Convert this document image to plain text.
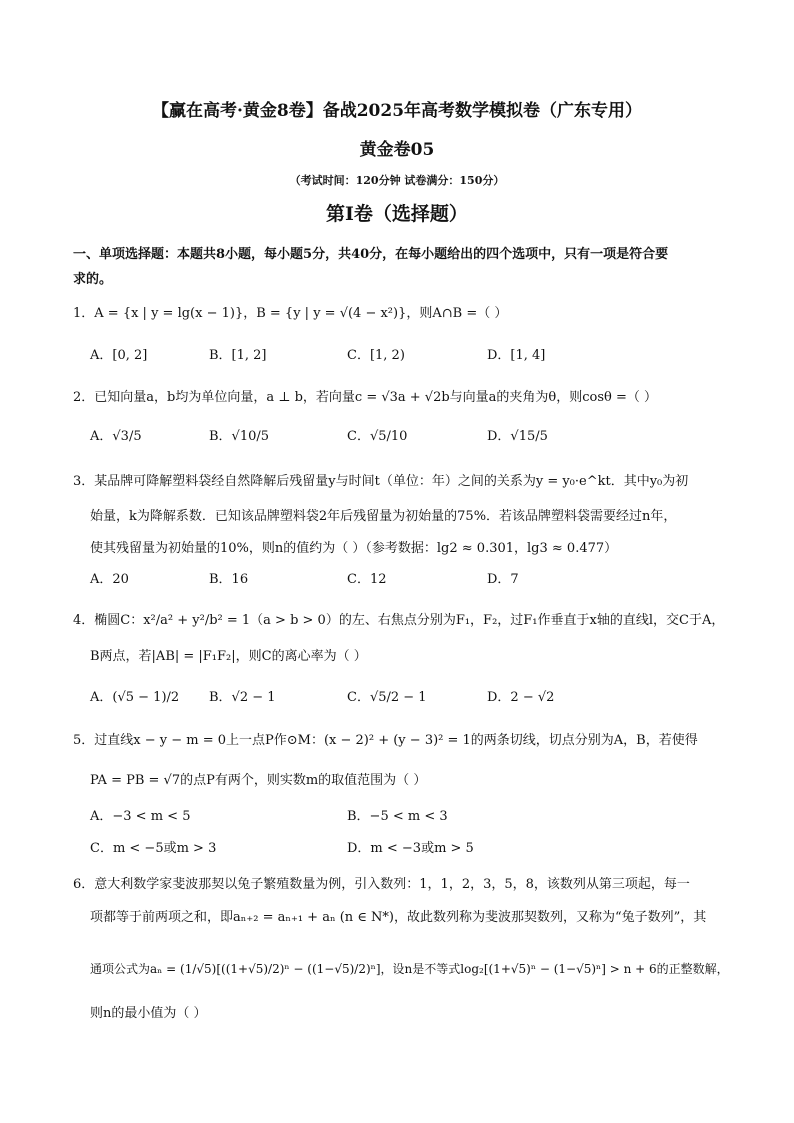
【赢在高考·黄金8卷】备战2025年高考数学模拟卷（广东专用）
黄金卷05
（考试时间：120分钟 试卷满分：150分）
第I卷（选择题）
一、单项选择题：本题共8小题，每小题5分，共40分，在每小题给出的四个选项中，只有一项是符合要
求的。
1．A = {x | y = lg(x − 1)}，B = {y | y = √(4 − x²)}，则A∩B =（ ）
A．[0, 2]	B．[1, 2]	C．[1, 2)	D．[1, 4]
2．已知向量a，b均为单位向量，a ⊥ b，若向量c = √3a + √2b与向量a的夹角为θ，则cosθ =（ ）
A．√3/5	B．√10/5	C．√5/10	D．√15/5
3．某品牌可降解塑料袋经自然降解后残留量y与时间t（单位：年）之间的关系为y = y₀·e^kt．其中y₀为初
始量，k为降解系数．已知该品牌塑料袋2年后残留量为初始量的75%．若该品牌塑料袋需要经过n年，
使其残留量为初始量的10%，则n的值约为（ ）（参考数据：lg2 ≈ 0.301，lg3 ≈ 0.477）
A．20	B．16	C．12	D．7
4．椭圆C：x²/a² + y²/b² = 1（a > b > 0）的左、右焦点分别为F₁，F₂，过F₁作垂直于x轴的直线l，交C于A，
B两点，若|AB| = |F₁F₂|，则C的离心率为（ ）
A．(√5 − 1)/2 B．√2 − 1	C．√5/2 − 1	D．2 − √2
5．过直线x − y − m = 0上一点P作⊙M：(x − 2)² + (y − 3)² = 1的两条切线，切点分别为A，B，若使得
PA = PB = √7的点P有两个，则实数m的取值范围为（ ）
A．−3 < m < 5	B．−5 < m < 3
C．m < −5或m > 3	D．m < −3或m > 5
6．意大利数学家斐波那契以兔子繁殖数量为例，引入数列：1，1，2，3，5，8，该数列从第三项起，每一
项都等于前两项之和，即aₙ₊₂ = aₙ₊₁ + aₙ (n ∈ N*)，故此数列称为斐波那契数列，又称为“兔子数列”，其
通项公式为aₙ = (1/√5)[((1+√5)/2)ⁿ − ((1−√5)/2)ⁿ]，设n是不等式log₂[(1+√5)ⁿ − (1−√5)ⁿ] > n + 6的正整数解，
则n的最小值为（ ）
